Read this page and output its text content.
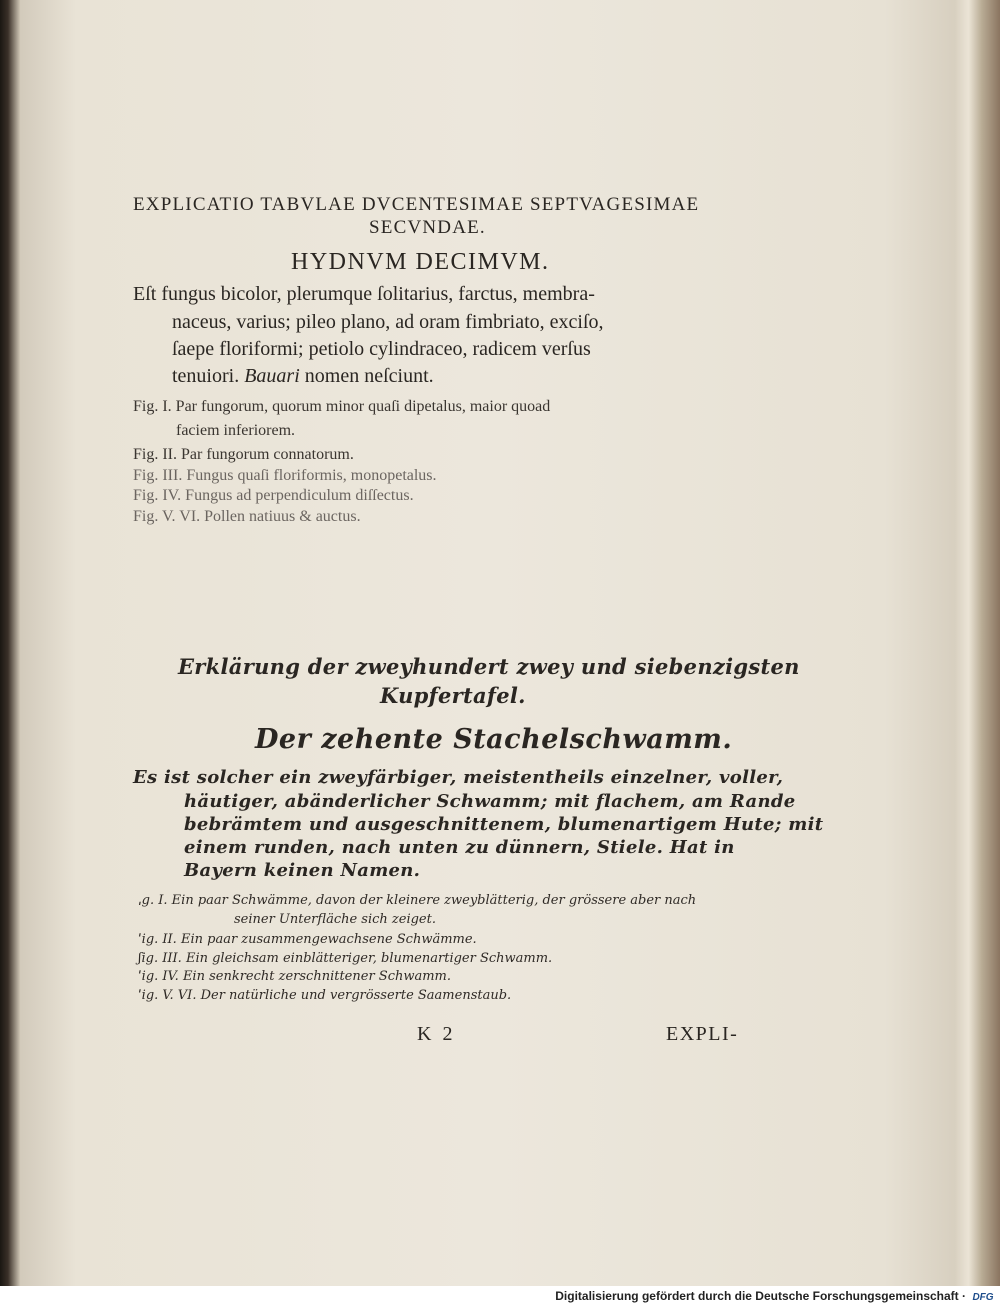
EXPLICATIO TABVLAE DVCENTESIMAE SEPTVAGESIMAE
SECVNDAE.
HYDNVM DECIMVM.
Eſt fungus bicolor, plerumque ſolitarius, farctus, membra-
naceus, varius; pileo plano, ad oram fimbriato, exciſo,
ſaepe floriformi; petiolo cylindraceo, radicem verſus
tenuiori. Bauari nomen neſciunt.
Fig. I. Par fungorum, quorum minor quaſi dipetalus, maior quoad
faciem inferiorem.
Fig. II. Par fungorum connatorum.
Fig. III. Fungus quaſi floriformis, monopetalus.
Fig. IV. Fungus ad perpendiculum diſſectus.
Fig. V. VI. Pollen natiuus & auctus.
Erklärung der zweyhundert zwey und siebenzigsten
Kupfertafel.
Der zehente Stachelschwamm.
Es ist solcher ein zweyfärbiger, meistentheils einzelner, voller,
häutiger, abänderlicher Schwamm; mit flachem, am Rande
bebrämtem und ausgeschnittenem, blumenartigem Hute; mit
einem runden, nach unten zu dünnern, Stiele. Hat in
Bayern keinen Namen.
ˌg. I. Ein paar Schwämme, davon der kleinere zweyblätterig, der grössere aber nach
seiner Unterfläche sich zeiget.
ˈig. II. Ein paar zusammengewachsene Schwämme.
ʃig. III. Ein gleichsam einblätteriger, blumenartiger Schwamm.
ˈig. IV. Ein senkrecht zerschnittener Schwamm.
ˈig. V. VI. Der natürliche und vergrösserte Saamenstaub.
K 2	EXPLI-
Digitalisierung gefördert durch die Deutsche Forschungsgemeinschaft · DFG
